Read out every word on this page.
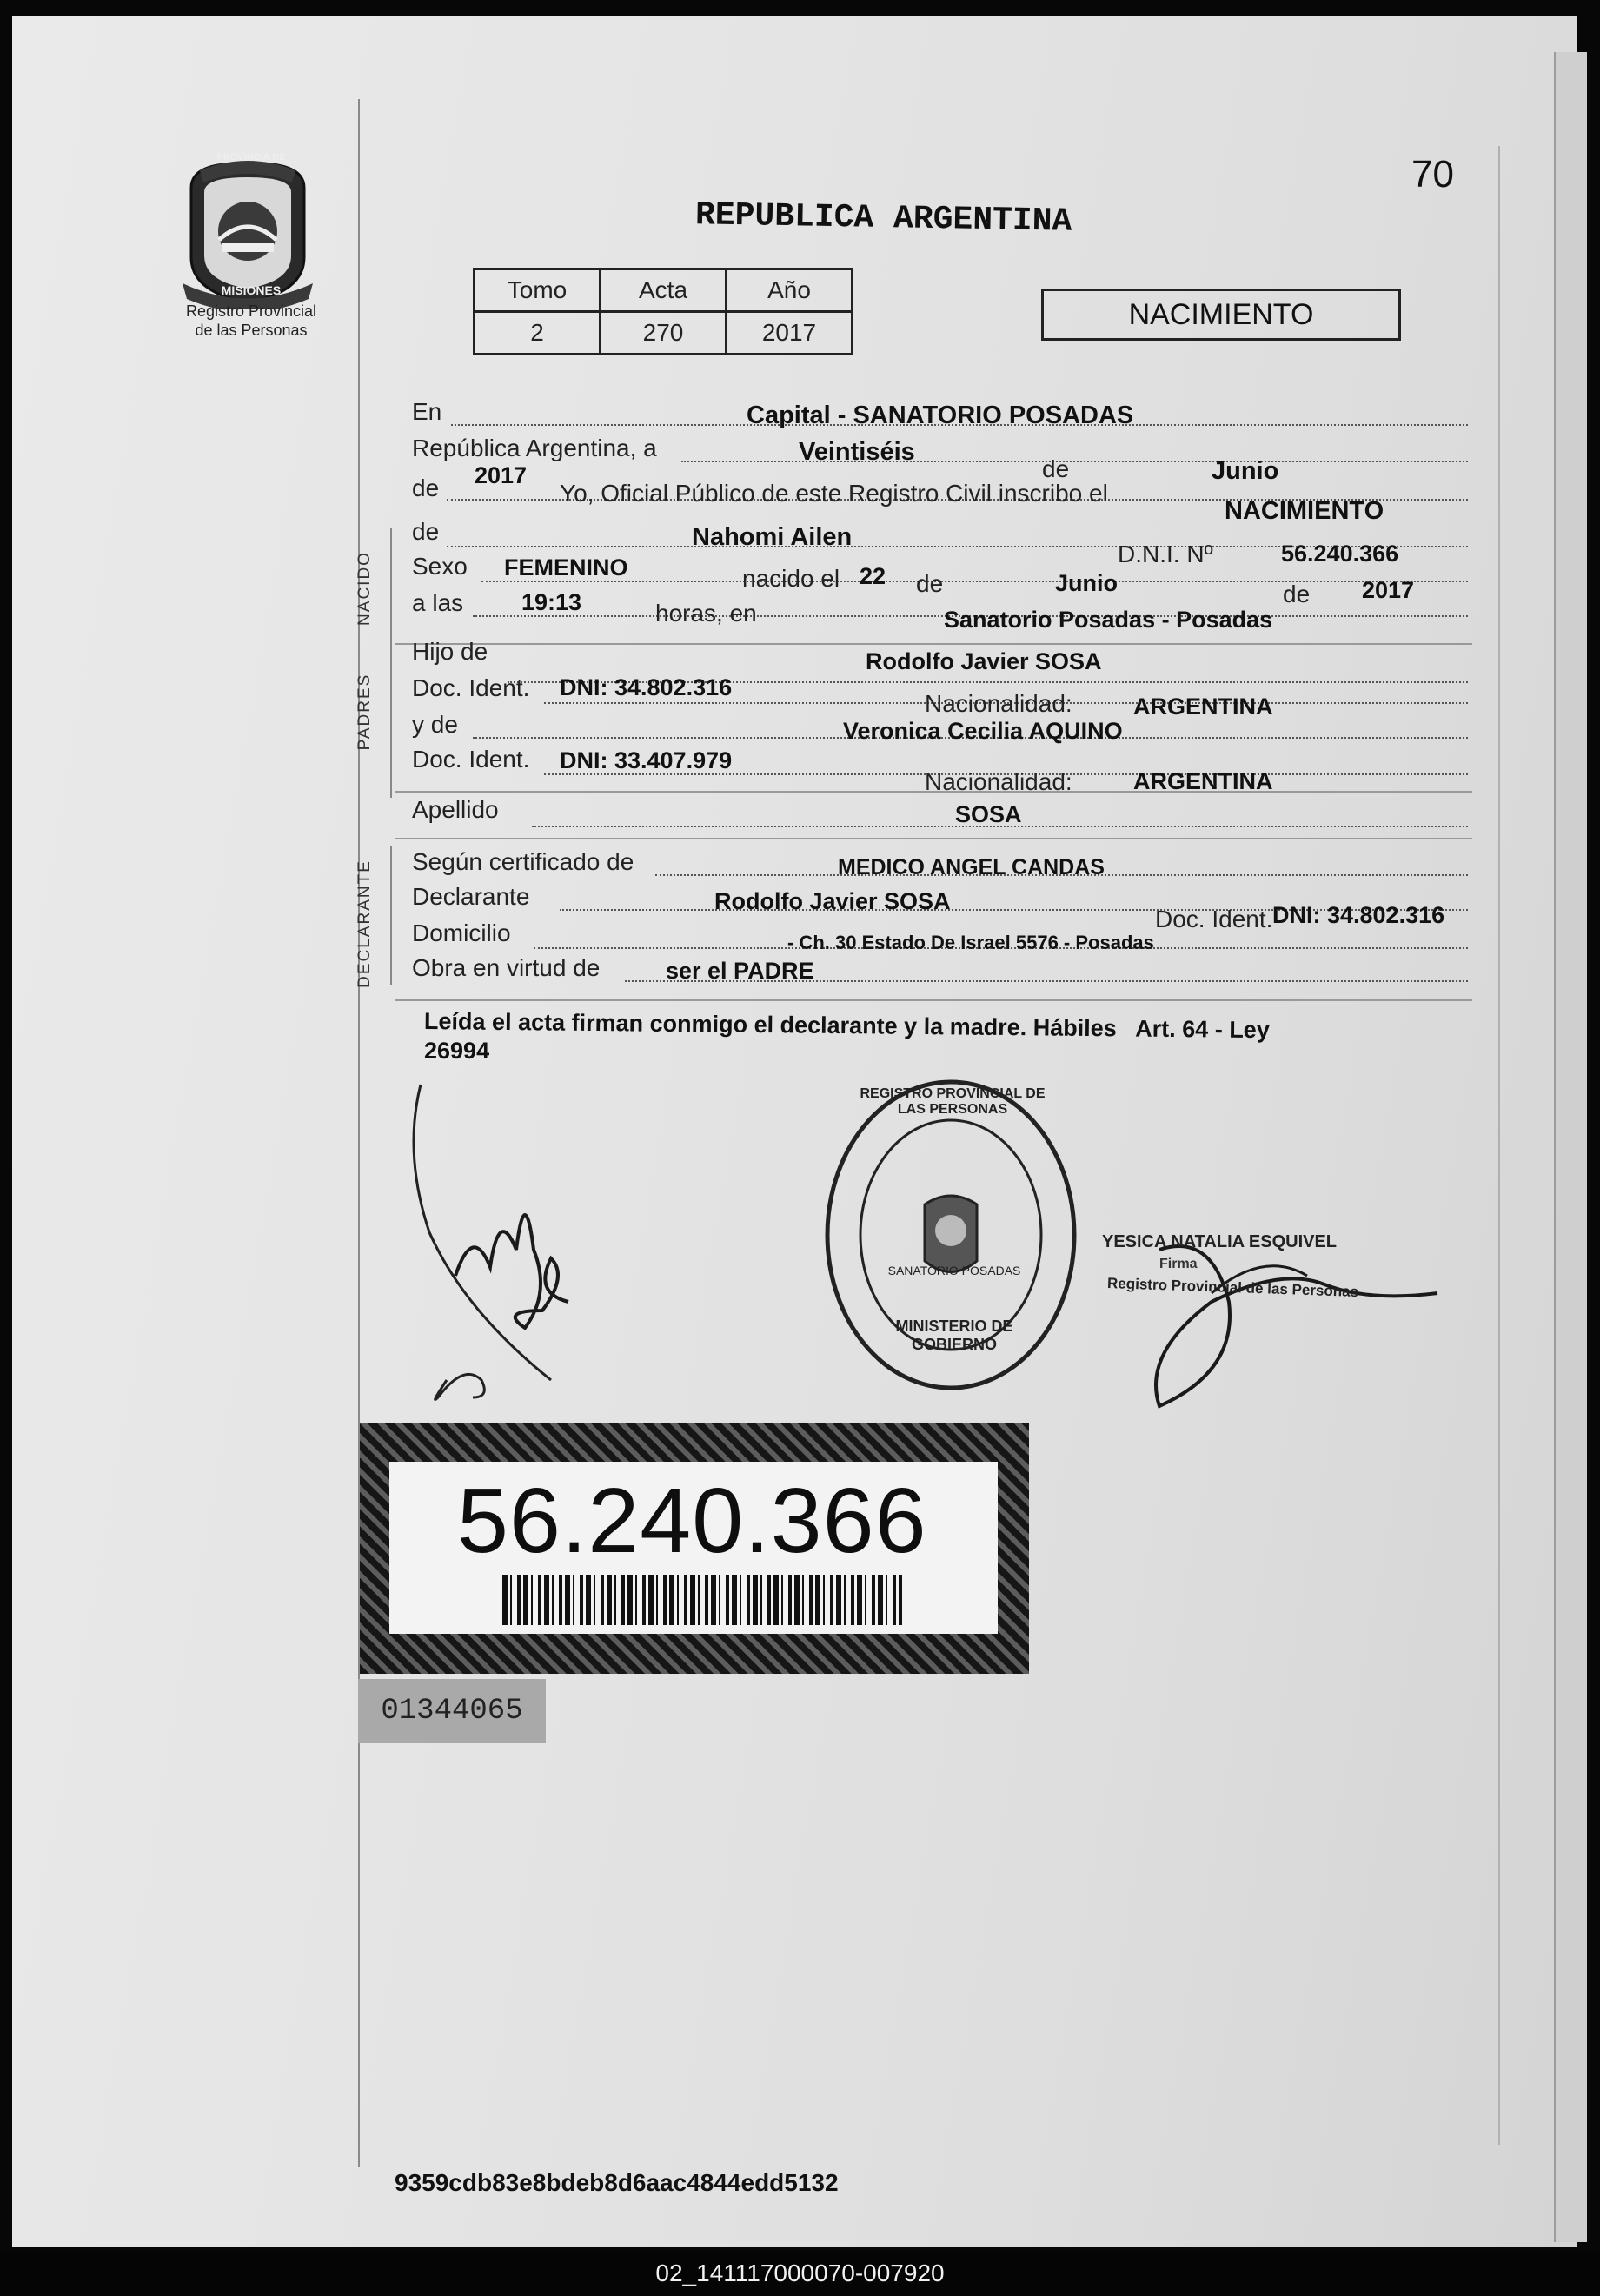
PROVINCIA DE
MISIONES
Registro Provincial
de las Personas
70
REPUBLICA ARGENTINA
Tomo	Acta	Año
2	270	2017
NACIMIENTO
En	Capital - SANATORIO POSADAS
República Argentina, a	Veintiséis
de	Junio
de 2017
Yo, Oficial Público de este Registro Civil inscribo el
NACIMIENTO
NACIDO
de	Nahomi Ailen
D.N.I. Nº	56.240.366
Sexo FEMENINO	nacido el 22 de	Junio	de 2017
a las 19:13	horas, en	Sanatorio Posadas - Posadas
PADRES
Hijo de	Rodolfo Javier SOSA
Doc. Ident. DNI: 34.802.316
Nacionalidad:	ARGENTINA
y de	Veronica Cecilia AQUINO
Doc. Ident. DNI: 33.407.979
Nacionalidad:	ARGENTINA
Apellido	SOSA
DECLARANTE Según certificado de	MEDICO ANGEL CANDAS
Declarante	Rodolfo Javier SOSA
Doc. Ident. DNI: 34.802.316
Domicilio	- Ch. 30 Estado De Israel 5576 - Posadas
Obra en virtud de	ser el PADRE
Leída el acta firman conmigo el declarante y la madre. Hábiles   Art. 64 - Ley
26994
YESICA NATALIA ESQUIVEL
Firma
Registro Provincial de las Personas
REGISTRO PROVINCIAL DE LAS PERSONAS
MINISTERIO DE GOBIERNO
SANATORIO POSADAS
56.240.366
01344065
9359cdb83e8bdeb8d6aac4844edd5132
02_141117000070-007920
